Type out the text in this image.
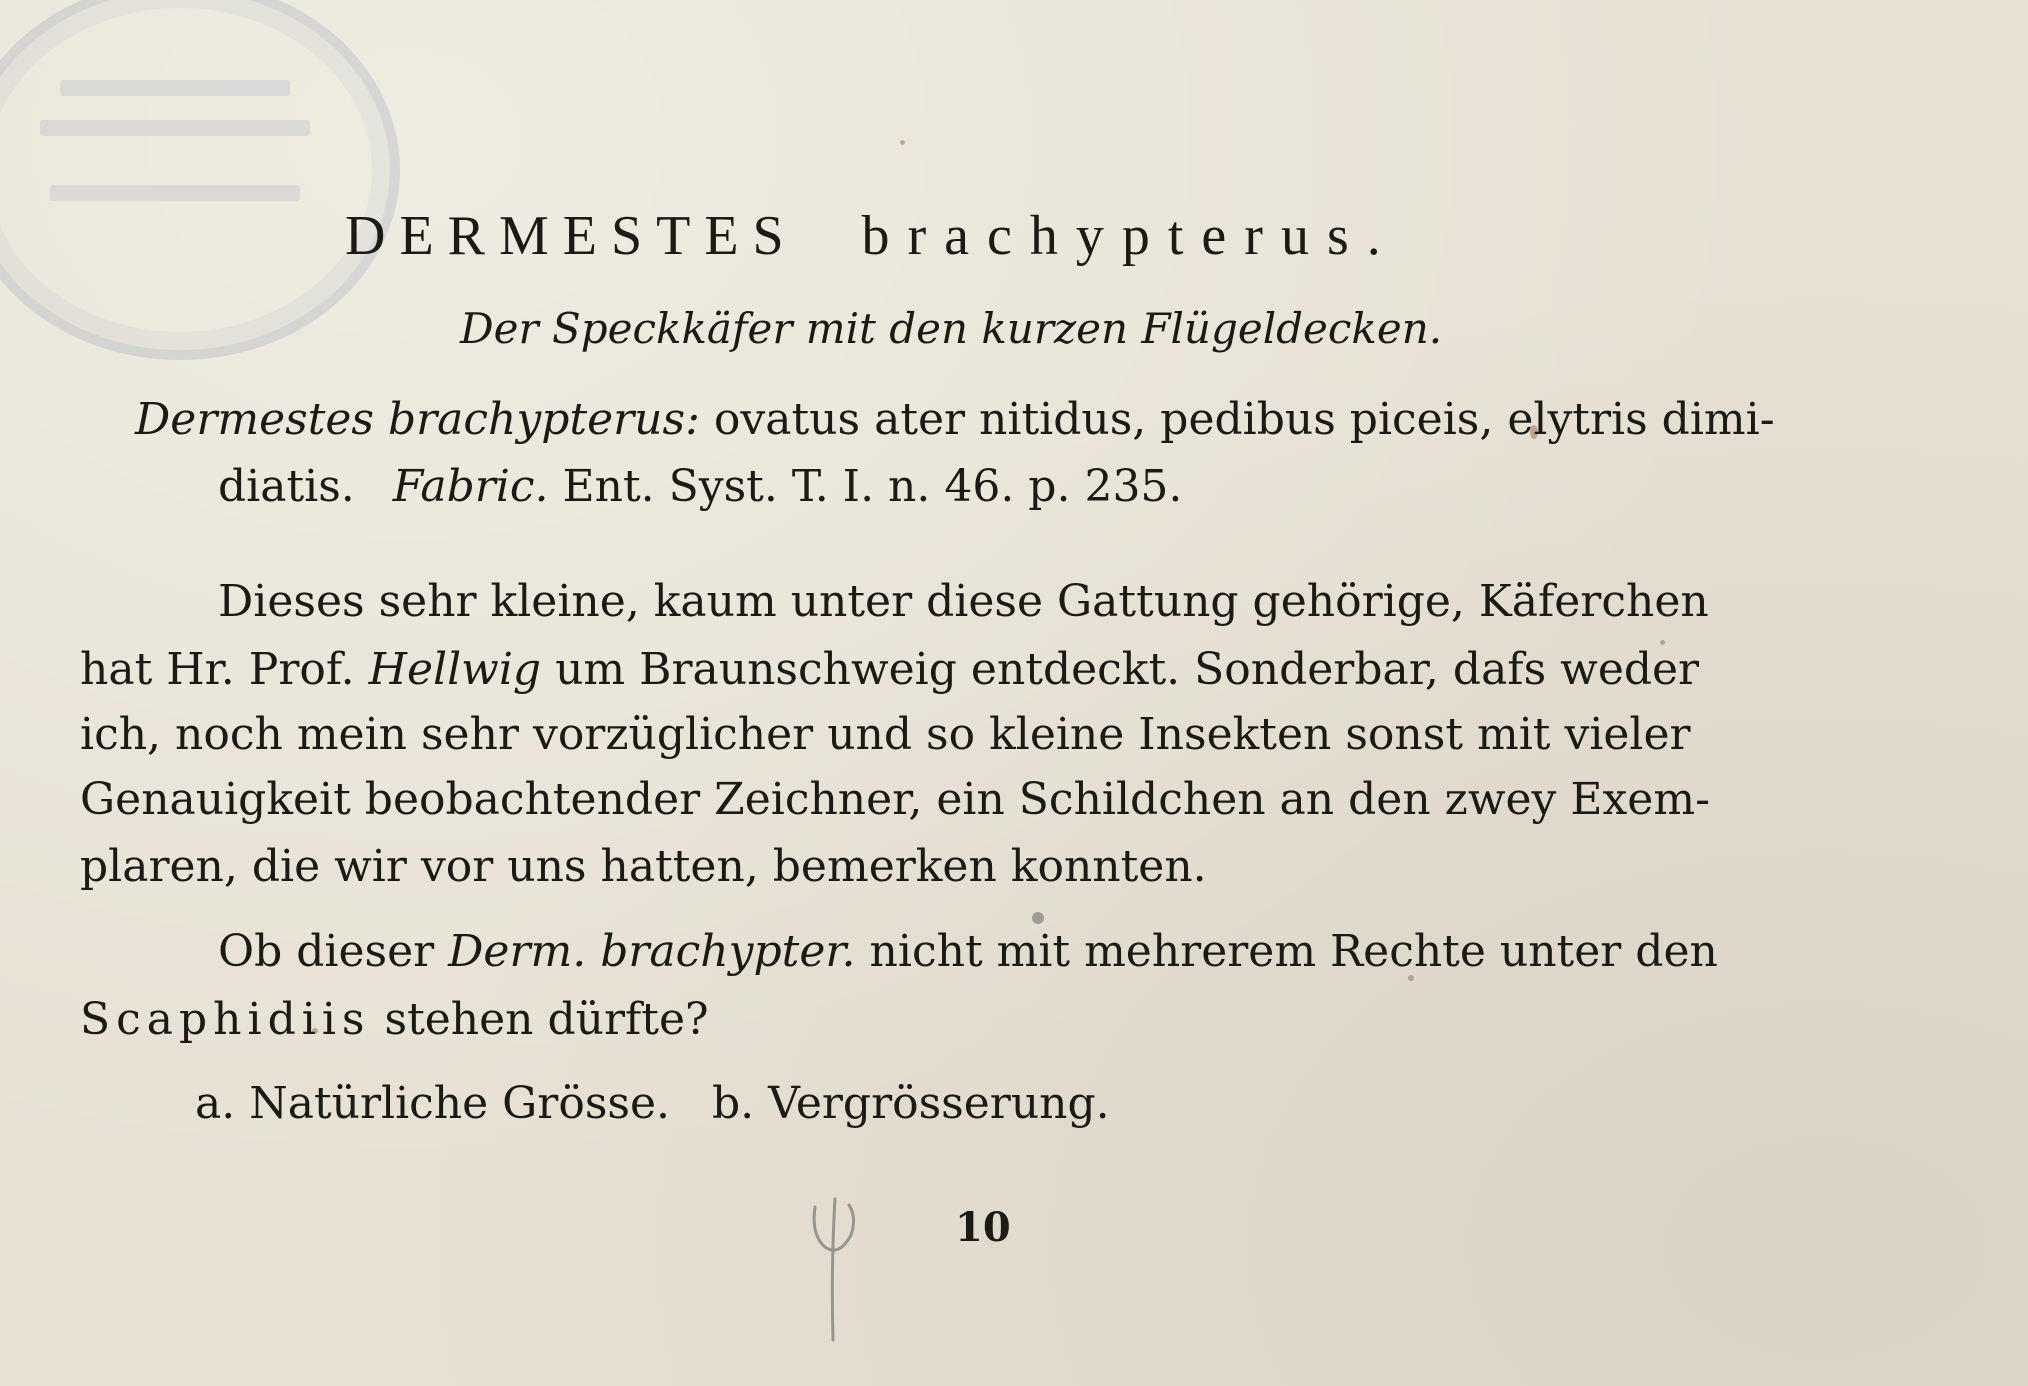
DERMESTES brachypterus.
Der Speckkäfer mit den kurzen Flügeldecken.
Dermestes brachypterus: ovatus ater nitidus, pedibus piceis, elytris dimi-
diatis. Fabric. Ent. Syst. T. I. n. 46. p. 235.
Dieses sehr kleine, kaum unter diese Gattung gehörige, Käferchen
hat Hr. Prof. Hellwig um Braunschweig entdeckt. Sonderbar, dafs weder
ich, noch mein sehr vorzüglicher und so kleine Insekten sonst mit vieler
Genauigkeit beobachtender Zeichner, ein Schildchen an den zwey Exem-
plaren, die wir vor uns hatten, bemerken konnten.
Ob dieser Derm. brachypter. nicht mit mehrerem Rechte unter den
Scaphidiis stehen dürfte?
a. Natürliche Grösse.   b. Vergrösserung.
10
